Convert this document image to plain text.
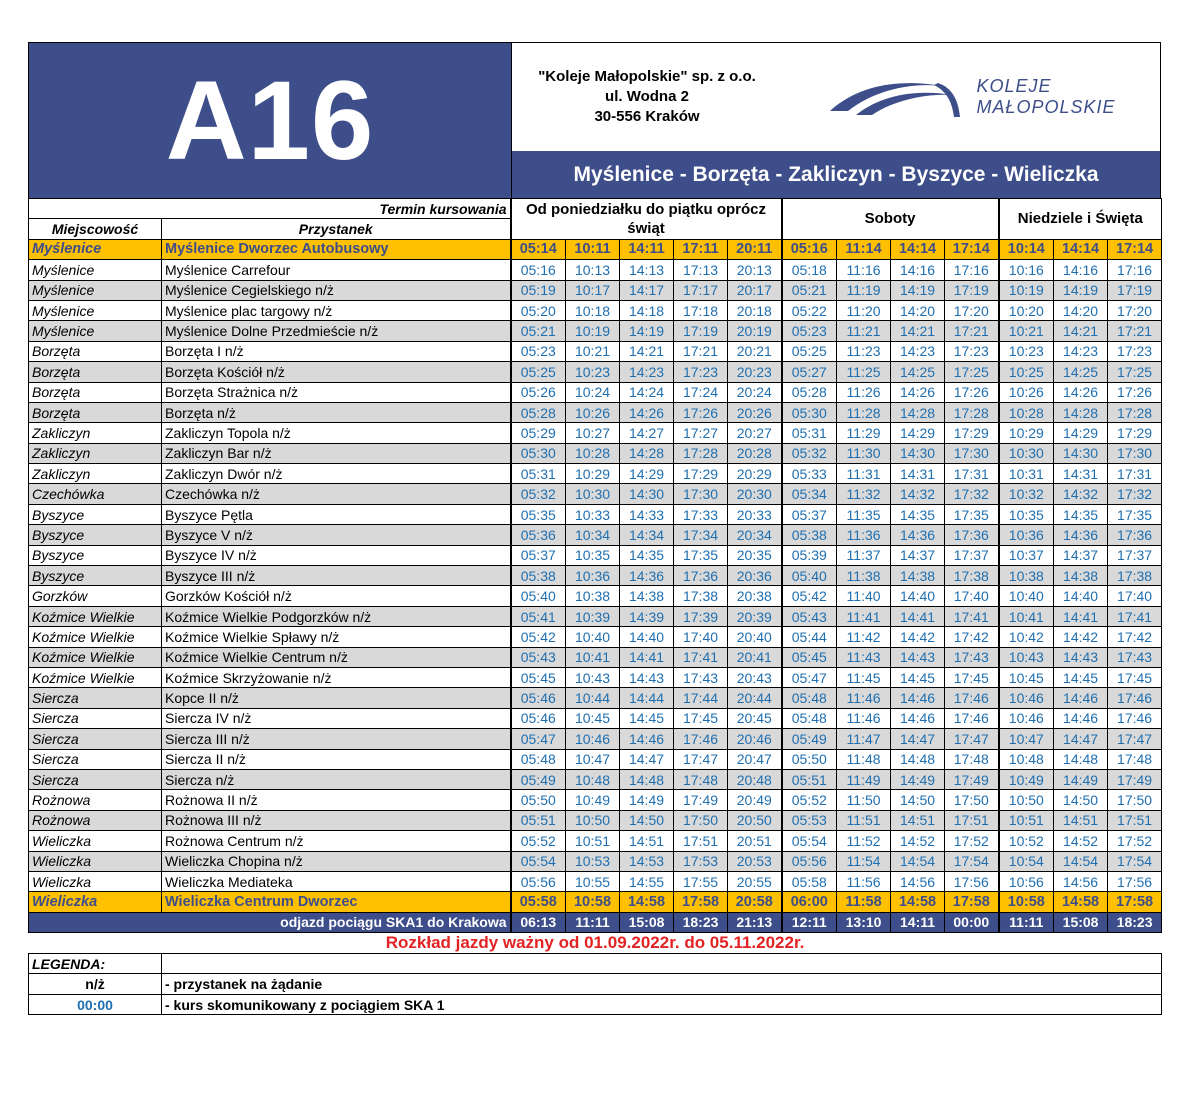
A16	"Koleje Małopolskie" sp. z o.o.
ul. Wodna 2
30-556 Kraków
KOLEJE
MAŁOPOLSKIE
Myślenice - Borzęta - Zakliczyn - Byszyce - Wieliczka
Termin kursowania		Od poniedziałku do piątku oprócz świąt					Soboty				Niedziele i Święta		
Miejscowość	Przystanek												
Myślenice	Myślenice Dworzec Autobusowy	05:14	10:11	14:11	17:11	20:11	05:16	11:14	14:14	17:14	10:14	14:14	17:14
Myślenice	Myślenice Carrefour	05:16	10:13	14:13	17:13	20:13	05:18	11:16	14:16	17:16	10:16	14:16	17:16
Myślenice	Myślenice Cegielskiego n/ż	05:19	10:17	14:17	17:17	20:17	05:21	11:19	14:19	17:19	10:19	14:19	17:19
Myślenice	Myślenice plac targowy n/ż	05:20	10:18	14:18	17:18	20:18	05:22	11:20	14:20	17:20	10:20	14:20	17:20
Myślenice	Myślenice Dolne Przedmieście n/ż	05:21	10:19	14:19	17:19	20:19	05:23	11:21	14:21	17:21	10:21	14:21	17:21
Borzęta	Borzęta I n/ż	05:23	10:21	14:21	17:21	20:21	05:25	11:23	14:23	17:23	10:23	14:23	17:23
Borzęta	Borzęta Kościół n/ż	05:25	10:23	14:23	17:23	20:23	05:27	11:25	14:25	17:25	10:25	14:25	17:25
Borzęta	Borzęta Strażnica n/ż	05:26	10:24	14:24	17:24	20:24	05:28	11:26	14:26	17:26	10:26	14:26	17:26
Borzęta	Borzęta n/ż	05:28	10:26	14:26	17:26	20:26	05:30	11:28	14:28	17:28	10:28	14:28	17:28
Zakliczyn	Zakliczyn Topola n/ż	05:29	10:27	14:27	17:27	20:27	05:31	11:29	14:29	17:29	10:29	14:29	17:29
Zakliczyn	Zakliczyn Bar n/ż	05:30	10:28	14:28	17:28	20:28	05:32	11:30	14:30	17:30	10:30	14:30	17:30
Zakliczyn	Zakliczyn Dwór n/ż	05:31	10:29	14:29	17:29	20:29	05:33	11:31	14:31	17:31	10:31	14:31	17:31
Czechówka	Czechówka n/ż	05:32	10:30	14:30	17:30	20:30	05:34	11:32	14:32	17:32	10:32	14:32	17:32
Byszyce	Byszyce Pętla	05:35	10:33	14:33	17:33	20:33	05:37	11:35	14:35	17:35	10:35	14:35	17:35
Byszyce	Byszyce V n/ż	05:36	10:34	14:34	17:34	20:34	05:38	11:36	14:36	17:36	10:36	14:36	17:36
Byszyce	Byszyce IV n/ż	05:37	10:35	14:35	17:35	20:35	05:39	11:37	14:37	17:37	10:37	14:37	17:37
Byszyce	Byszyce III n/ż	05:38	10:36	14:36	17:36	20:36	05:40	11:38	14:38	17:38	10:38	14:38	17:38
Gorzków	Gorzków Kościół n/ż	05:40	10:38	14:38	17:38	20:38	05:42	11:40	14:40	17:40	10:40	14:40	17:40
Koźmice Wielkie	Koźmice Wielkie Podgorzków n/ż	05:41	10:39	14:39	17:39	20:39	05:43	11:41	14:41	17:41	10:41	14:41	17:41
Koźmice Wielkie	Koźmice Wielkie Spławy n/ż	05:42	10:40	14:40	17:40	20:40	05:44	11:42	14:42	17:42	10:42	14:42	17:42
Koźmice Wielkie	Koźmice Wielkie Centrum n/ż	05:43	10:41	14:41	17:41	20:41	05:45	11:43	14:43	17:43	10:43	14:43	17:43
Koźmice Wielkie	Koźmice Skrzyżowanie n/ż	05:45	10:43	14:43	17:43	20:43	05:47	11:45	14:45	17:45	10:45	14:45	17:45
Siercza	Kopce II n/ż	05:46	10:44	14:44	17:44	20:44	05:48	11:46	14:46	17:46	10:46	14:46	17:46
Siercza	Siercza IV n/ż	05:46	10:45	14:45	17:45	20:45	05:48	11:46	14:46	17:46	10:46	14:46	17:46
Siercza	Siercza III n/ż	05:47	10:46	14:46	17:46	20:46	05:49	11:47	14:47	17:47	10:47	14:47	17:47
Siercza	Siercza II n/ż	05:48	10:47	14:47	17:47	20:47	05:50	11:48	14:48	17:48	10:48	14:48	17:48
Siercza	Siercza n/ż	05:49	10:48	14:48	17:48	20:48	05:51	11:49	14:49	17:49	10:49	14:49	17:49
Rożnowa	Rożnowa II n/ż	05:50	10:49	14:49	17:49	20:49	05:52	11:50	14:50	17:50	10:50	14:50	17:50
Rożnowa	Rożnowa III n/ż	05:51	10:50	14:50	17:50	20:50	05:53	11:51	14:51	17:51	10:51	14:51	17:51
Wieliczka	Rożnowa Centrum n/ż	05:52	10:51	14:51	17:51	20:51	05:54	11:52	14:52	17:52	10:52	14:52	17:52
Wieliczka	Wieliczka Chopina n/ż	05:54	10:53	14:53	17:53	20:53	05:56	11:54	14:54	17:54	10:54	14:54	17:54
Wieliczka	Wieliczka Mediateka	05:56	10:55	14:55	17:55	20:55	05:58	11:56	14:56	17:56	10:56	14:56	17:56
Wieliczka	Wieliczka Centrum Dworzec	05:58	10:58	14:58	17:58	20:58	06:00	11:58	14:58	17:58	10:58	14:58	17:58
odjazd pociągu SKA1 do Krakowa		06:13	11:11	15:08	18:23	21:13	12:11	13:10	14:11	00:00	11:11	15:08	18:23
Rozkład jazdy ważny od 01.09.2022r. do 05.11.2022r.													
LEGENDA:													
n/ż	- przystanek na żądanie												
00:00	- kurs skomunikowany z pociągiem SKA 1												
